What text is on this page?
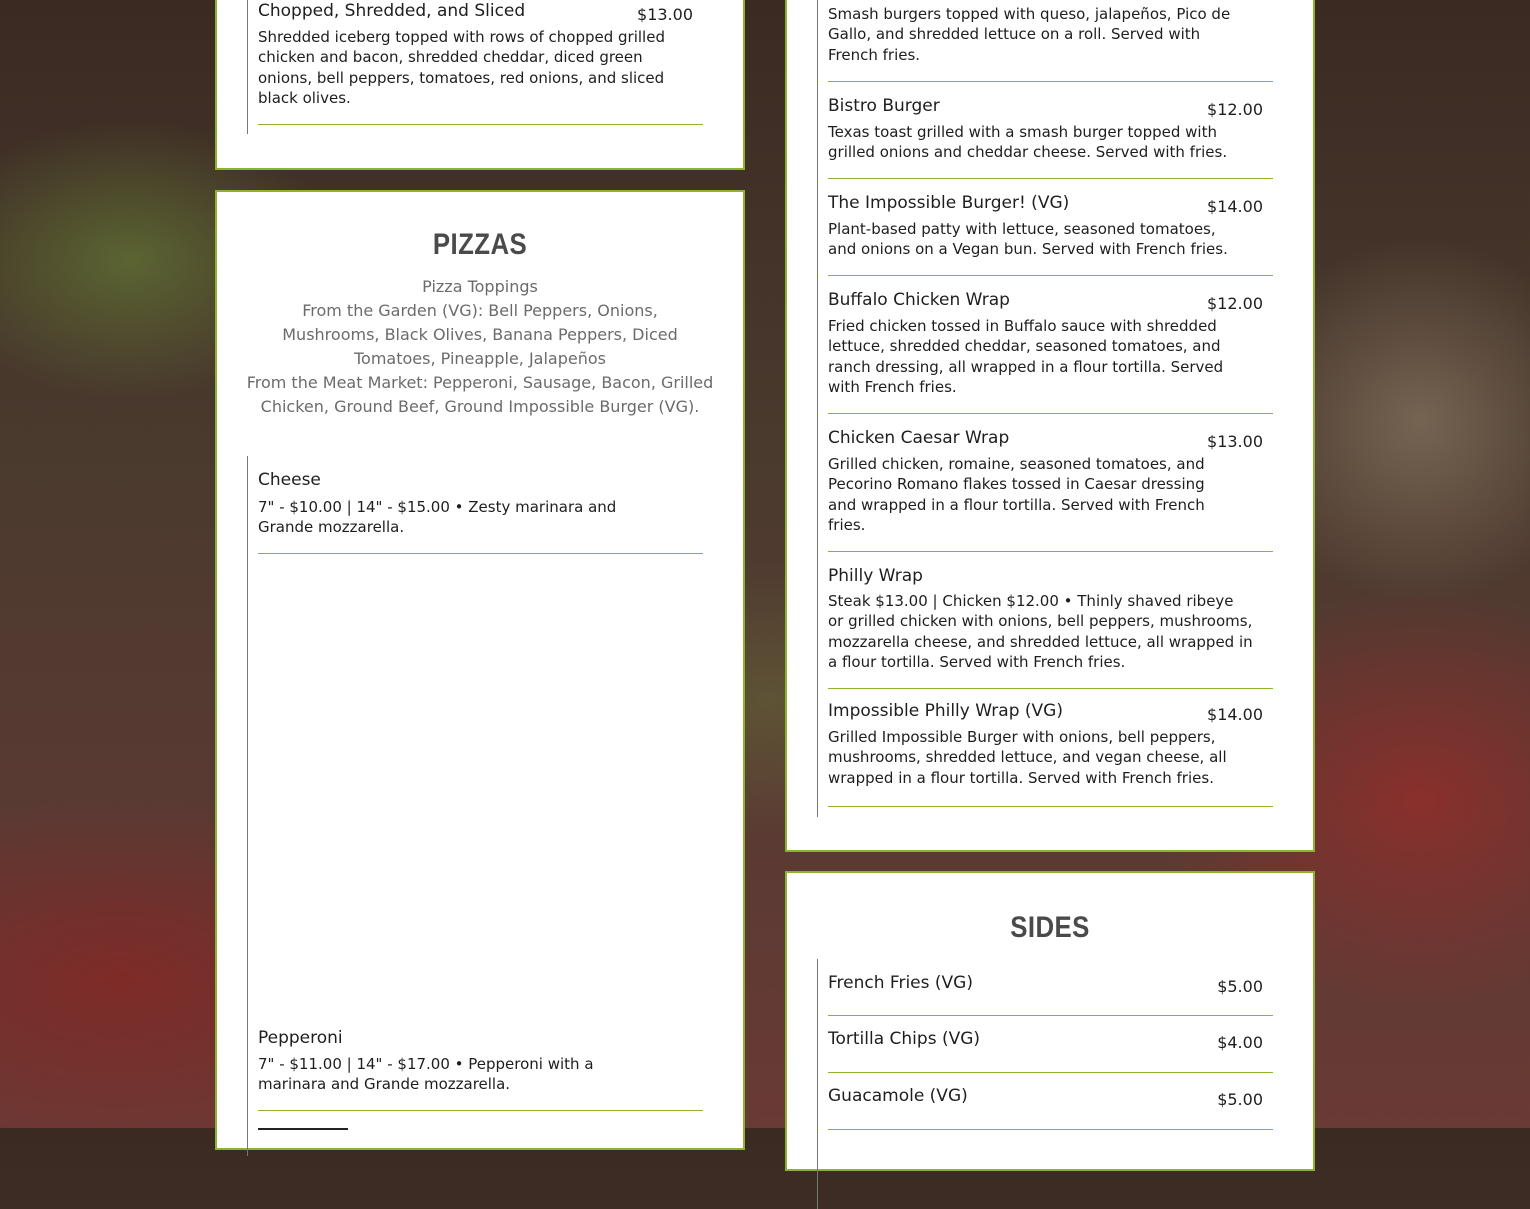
Chopped, Shredded, and Sliced	$13.00
Shredded iceberg topped with rows of chopped grilled chicken and bacon, shredded cheddar, diced green onions, bell peppers, tomatoes, red onions, and sliced black olives.
PIZZAS
Pizza Toppings
From the Garden (VG): Bell Peppers, Onions, Mushrooms, Black Olives, Banana Peppers, Diced Tomatoes, Pineapple, Jalapeños
From the Meat Market: Pepperoni, Sausage, Bacon, Grilled Chicken, Ground Beef, Ground Impossible Burger (VG).
Cheese
7" - $10.00 | 14" - $15.00 • Zesty marinara and Grande mozzarella.
Pepperoni
7" - $11.00 | 14" - $17.00 • Pepperoni with a marinara and Grande mozzarella.
Smash burgers topped with queso, jalapeños, Pico de Gallo, and shredded lettuce on a roll. Served with French fries.
Bistro Burger	$12.00
Texas toast grilled with a smash burger topped with grilled onions and cheddar cheese. Served with fries.
The Impossible Burger! (VG)	$14.00
Plant-based patty with lettuce, seasoned tomatoes, and onions on a Vegan bun. Served with French fries.
Buffalo Chicken Wrap	$12.00
Fried chicken tossed in Buffalo sauce with shredded lettuce, shredded cheddar, seasoned tomatoes, and ranch dressing, all wrapped in a flour tortilla. Served with French fries.
Chicken Caesar Wrap	$13.00
Grilled chicken, romaine, seasoned tomatoes, and Pecorino Romano flakes tossed in Caesar dressing and wrapped in a flour tortilla. Served with French fries.
Philly Wrap
Steak $13.00 | Chicken $12.00 • Thinly shaved ribeye or grilled chicken with onions, bell peppers, mushrooms, mozzarella cheese, and shredded lettuce, all wrapped in a flour tortilla. Served with French fries.
Impossible Philly Wrap (VG)	$14.00
Grilled Impossible Burger with onions, bell peppers, mushrooms, shredded lettuce, and vegan cheese, all wrapped in a flour tortilla. Served with French fries.
SIDES
French Fries (VG)	$5.00
Tortilla Chips (VG)	$4.00
Guacamole (VG)	$5.00
